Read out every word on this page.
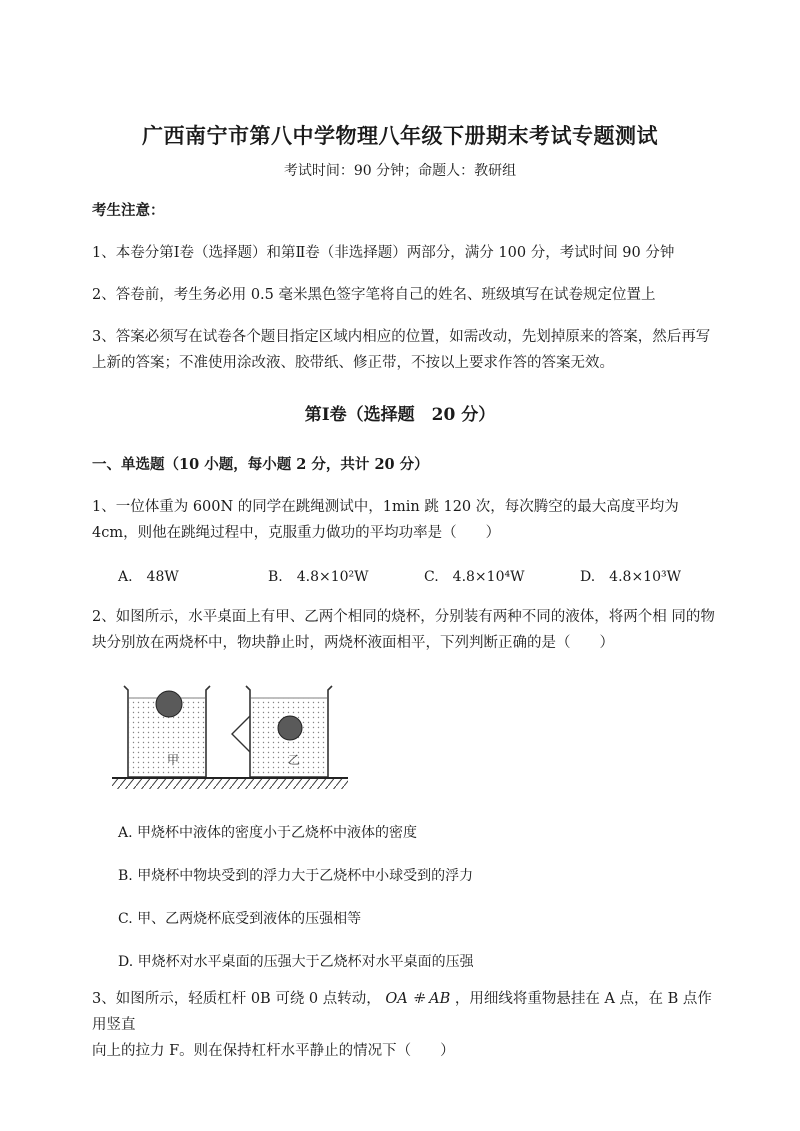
广西南宁市第八中学物理八年级下册期末考试专题测试
考试时间：90 分钟；命题人：教研组
考生注意：
1、本卷分第Ⅰ卷（选择题）和第Ⅱ卷（非选择题）两部分，满分 100 分，考试时间 90 分钟
2、答卷前，考生务必用 0.5 毫米黑色签字笔将自己的姓名、班级填写在试卷规定位置上
3、答案必须写在试卷各个题目指定区域内相应的位置，如需改动，先划掉原来的答案，然后再写上新的答案；不准使用涂改液、胶带纸、修正带，不按以上要求作答的答案无效。
第Ⅰ卷（选择题　20 分）
一、单选题（10 小题，每小题 2 分，共计 20 分）
1、一位体重为 600N 的同学在跳绳测试中，1min 跳 120 次，每次腾空的最大高度平均为 4cm，则他在跳绳过程中，克服重力做功的平均功率是（　　）
A.　48W	B.　4.8×10²W	C.　4.8×10⁴W	D.　4.8×10³W
2、如图所示，水平桌面上有甲、乙两个相同的烧杯，分别装有两种不同的液体，将两个相 同的物块分别放在两烧杯中，物块静止时，两烧杯液面相平，下列判断正确的是（　　）
甲	乙
A. 甲烧杯中液体的密度小于乙烧杯中液体的密度
B. 甲烧杯中物块受到的浮力大于乙烧杯中小球受到的浮力
C. 甲、乙两烧杯底受到液体的压强相等
D. 甲烧杯对水平桌面的压强大于乙烧杯对水平桌面的压强
3、如图所示，轻质杠杆 0B 可绕 0 点转动， OA ⁜ AB ，用细线将重物悬挂在 A 点，在 B 点作用竖直
向上的拉力 F。则在保持杠杆水平静止的情况下（　　）
